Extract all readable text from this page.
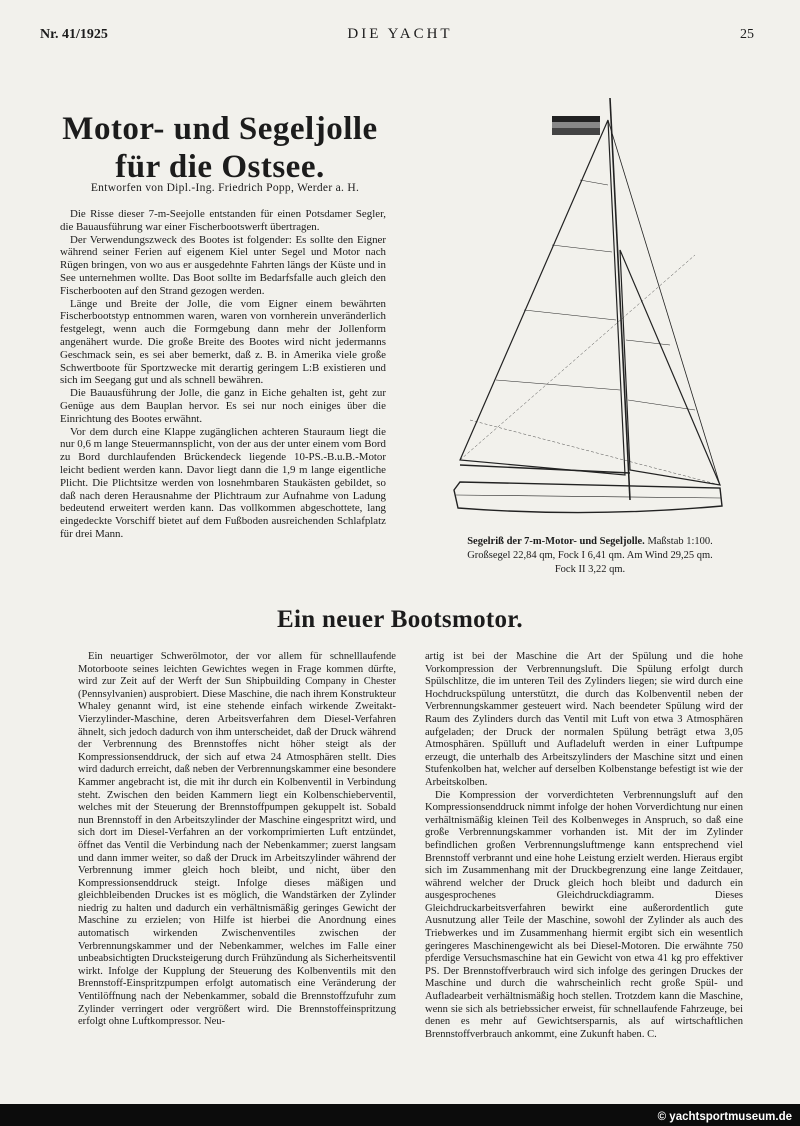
Nr. 41/1925	DIE YACHT	25
Motor- und Segeljolle
für die Ostsee.
Entworfen von Dipl.-Ing. Friedrich Popp, Werder a. H.

Die Risse dieser 7-m-Seejolle entstanden für einen Potsdamer Segler, die Bauausführung war einer Fischerbootswerft übertragen.

Der Verwendungszweck des Bootes ist folgender: Es sollte den Eigner während seiner Ferien auf eigenem Kiel unter Segel und Motor nach Rügen bringen, von wo aus er ausgedehnte Fahrten längs der Küste und in See unternehmen wollte. Das Boot sollte im Bedarfsfalle auch gleich den Fischerbooten auf den Strand gezogen werden.

Länge und Breite der Jolle, die vom Eigner einem bewährten Fischerbootstyp entnommen waren, waren von vornherein unveränderlich festgelegt, wenn auch die Formgebung dann mehr der Jollenform angenähert wurde. Die große Breite des Bootes wird nicht jedermanns Geschmack sein, es sei aber bemerkt, daß z. B. in Amerika viele große Schwertboote für Sportzwecke mit derartig geringem L:B existieren und sich im Seegang gut und als schnell bewähren.

Die Bauausführung der Jolle, die ganz in Eiche gehalten ist, geht zur Genüge aus dem Bauplan hervor. Es sei nur noch einiges über die Einrichtung des Bootes erwähnt.

Vor dem durch eine Klappe zugänglichen achteren Stauraum liegt die nur 0,6 m lange Steuermannsplicht, von der aus der unter einem vom Bord zu Bord durchlaufenden Brückendeck liegende 10-PS.-B.u.B.-Motor leicht bedient werden kann. Davor liegt dann die 1,9 m lange eigentliche Plicht. Die Plichtsitze werden von losnehmbaren Staukästen gebildet, so daß nach deren Herausnahme der Plichtraum zur Aufnahme von Ladung bedeutend erweitert werden kann. Das vollkommen abgeschottete, lang eingedeckte Vorschiff bietet auf dem Fußboden ausreichenden Schlafplatz für drei Mann.

Segelriß der 7-m-Motor- und Segeljolle. Maßstab 1:100.
Großsegel 22,84 qm, Fock I 6,41 qm. Am Wind 29,25 qm.
Fock II 3,22 qm.
Ein neuer Bootsmotor.

Ein neuartiger Schwerölmotor, der vor allem für schnelllaufende Motorboote seines leichten Gewichtes wegen in Frage kommen dürfte, wird zur Zeit auf der Werft der Sun Shipbuilding Company in Chester (Pennsylvanien) ausprobiert. Diese Maschine, die nach ihrem Konstrukteur Whaley genannt wird, ist eine stehende einfach wirkende Zweitakt-Vierzylinder-Maschine, deren Arbeitsverfahren dem Diesel-Verfahren ähnelt, sich jedoch dadurch von ihm unterscheidet, daß der Druck während der Verbrennung des Brennstoffes nicht höher steigt als der Kompressionsenddruck, der sich auf etwa 24 Atmosphären stellt. Dies wird dadurch erreicht, daß neben der Verbrennungskammer eine besondere Kammer angebracht ist, die mit ihr durch ein Kolbenventil in Verbindung steht. Zwischen den beiden Kammern liegt ein Kolbenschieberventil, welches mit der Steuerung der Brennstoffpumpen gekuppelt ist. Sobald nun Brennstoff in den Arbeitszylinder der Maschine eingespritzt wird, und sich dort im Diesel-Verfahren an der vorkomprimierten Luft entzündet, öffnet das Ventil die Verbindung nach der Nebenkammer; zuerst langsam und dann immer weiter, so daß der Druck im Arbeitszylinder während der Verbrennung immer gleich hoch bleibt, und nicht, über den Kompressionsenddruck steigt. Infolge dieses mäßigen und gleichbleibenden Druckes ist es möglich, die Wandstärken der Zylinder niedrig zu halten und dadurch ein verhältnismäßig geringes Gewicht der Maschine zu erzielen; von Hilfe ist hierbei die Anordnung eines automatisch wirkenden Zwischenventiles zwischen der Verbrennungskammer und der Nebenkammer, welches im Falle einer unbeabsichtigten Drucksteigerung durch Frühzündung als Sicherheitsventil wirkt. Infolge der Kupplung der Steuerung des Kolbenventils mit den Brennstoff-Einspritzpumpen erfolgt automatisch eine Veränderung der Ventilöffnung nach der Nebenkammer, sobald die Brennstoffzufuhr zum Zylinder verringert oder vergrößert wird. Die Brennstoffeinspritzung erfolgt ohne Luftkompressor. Neu-

artig ist bei der Maschine die Art der Spülung und die hohe Vorkompression der Verbrennungsluft. Die Spülung erfolgt durch Spülschlitze, die im unteren Teil des Zylinders liegen; sie wird durch eine Hochdruckspülung unterstützt, die durch das Kolbenventil neben der Verbrennungskammer gesteuert wird. Nach beendeter Spülung wird der Raum des Zylinders durch das Ventil mit Luft von etwa 3 Atmosphären aufgeladen; der Druck der normalen Spülung beträgt etwa 3,05 Atmosphären. Spülluft und Aufladeluft werden in einer Luftpumpe erzeugt, die unterhalb des Arbeitszylinders der Maschine sitzt und einen Stufenkolben hat, welcher auf derselben Kolbenstange befestigt ist wie der Arbeitskolben.

Die Kompression der vorverdichteten Verbrennungsluft auf den Kompressionsenddruck nimmt infolge der hohen Vorverdichtung nur einen verhältnismäßig kleinen Teil des Kolbenweges in Anspruch, so daß eine große Verbrennungskammer vorhanden ist. Mit der im Zylinder befindlichen großen Verbrennungsluftmenge kann entsprechend viel Brennstoff verbrannt und eine hohe Leistung erzielt werden. Hieraus ergibt sich im Zusammenhang mit der Druckbegrenzung eine lange Zeitdauer, während welcher der Druck gleich hoch bleibt und dadurch ein ausgesprochenes Gleichdruckdiagramm. Dieses Gleichdruckarbeitsverfahren bewirkt eine außerordentlich gute Ausnutzung aller Teile der Maschine, sowohl der Zylinder als auch des Triebwerkes und im Zusammenhang hiermit ergibt sich ein wesentlich geringeres Maschinengewicht als bei Diesel-Motoren. Die erwähnte 750 pferdige Versuchsmaschine hat ein Gewicht von etwa 41 kg pro effektiver PS. Der Brennstoffverbrauch wird sich infolge des geringen Druckes der Maschine und durch die wahrscheinlich recht große Spül- und Aufladearbeit verhältnismäßig hoch stellen. Trotzdem kann die Maschine, wenn sie sich als betriebssicher erweist, für schnellaufende Fahrzeuge, bei denen es mehr auf Gewichtsersparnis, als auf wirtschaftlichen Brennstoffverbrauch ankommt, eine Zukunft haben. C.

© yachtsportmuseum.de
